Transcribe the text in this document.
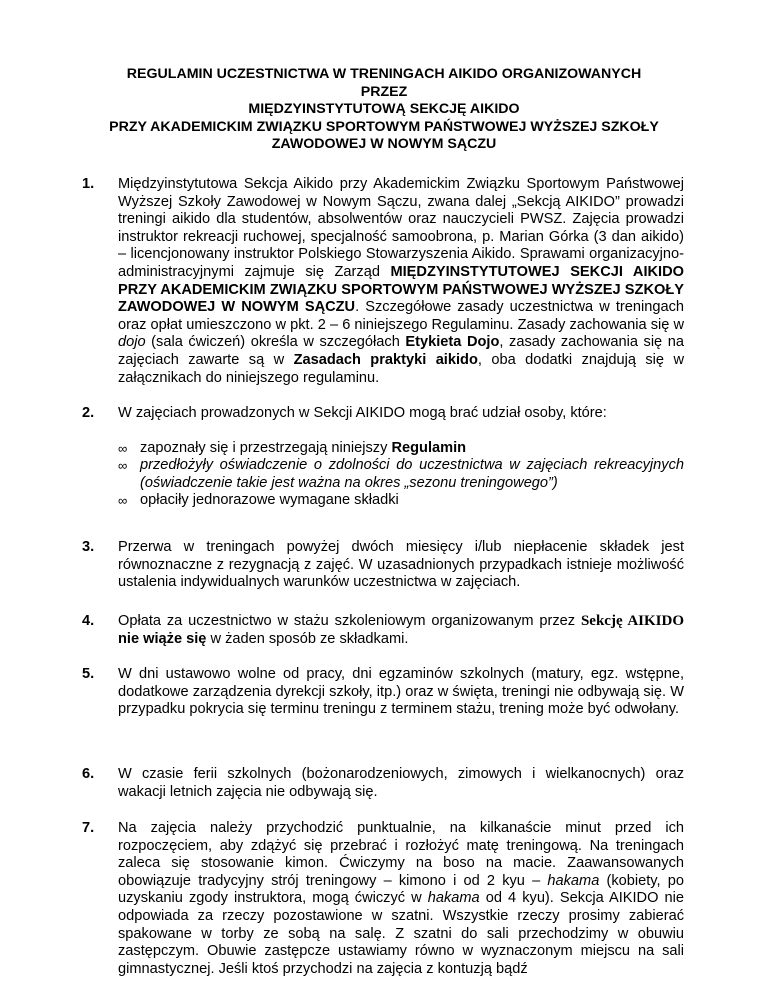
REGULAMIN UCZESTNICTWA W TRENINGACH AIKIDO ORGANIZOWANYCH
PRZEZ
MIĘDZYINSTYTUTOWĄ SEKCJĘ AIKIDO
PRZY AKADEMICKIM ZWIĄZKU SPORTOWYM PAŃSTWOWEJ WYŻSZEJ SZKOŁY
ZAWODOWEJ W NOWYM SĄCZU
1. Międzyinstytutowa Sekcja Aikido przy Akademickim Związku Sportowym Państwowej Wyższej Szkoły Zawodowej w Nowym Sączu, zwana dalej „Sekcją AIKIDO” prowadzi treningi aikido dla studentów, absolwentów oraz nauczycieli PWSZ. Zajęcia prowadzi instruktor rekreacji ruchowej, specjalność samoobrona, p. Marian Górka (3 dan aikido) – licencjonowany instruktor Polskiego Stowarzyszenia Aikido. Sprawami organizacyjno-administracyjnymi zajmuje się Zarząd MIĘDZYINSTYTUTOWEJ SEKCJI AIKIDO PRZY AKADEMICKIM ZWIĄZKU SPORTOWYM PAŃSTWOWEJ WYŻSZEJ SZKOŁY ZAWODOWEJ W NOWYM SĄCZU. Szczegółowe zasady uczestnictwa w treningach oraz opłat umieszczono w pkt. 2 – 6 niniejszego Regulaminu. Zasady zachowania się w dojo (sala ćwiczeń) określa w szczegółach Etykieta Dojo, zasady zachowania się na zajęciach zawarte są w Zasadach praktyki aikido, oba dodatki znajdują się w załącznikach do niniejszego regulaminu.
2. W zajęciach prowadzonych w Sekcji AIKIDO mogą brać udział osoby, które:
∞ zapoznały się i przestrzegają niniejszy Regulamin
∞ przedłożyły oświadczenie o zdolności do uczestnictwa w zajęciach rekreacyjnych (oświadczenie takie jest ważna na okres „sezonu treningowego”)
∞ opłaciły jednorazowe wymagane składki
3. Przerwa w treningach powyżej dwóch miesięcy i/lub niepłacenie składek jest równoznaczne z rezygnacją z zajęć. W uzasadnionych przypadkach istnieje możliwość ustalenia indywidualnych warunków uczestnictwa w zajęciach.
4. Opłata za uczestnictwo w stażu szkoleniowym organizowanym przez Sekcję AIKIDO nie wiąże się w żaden sposób ze składkami.
5. W dni ustawowo wolne od pracy, dni egzaminów szkolnych (matury, egz. wstępne, dodatkowe zarządzenia dyrekcji szkoły, itp.) oraz w święta, treningi nie odbywają się. W przypadku pokrycia się terminu treningu z terminem stażu, trening może być odwołany.
6. W czasie ferii szkolnych (bożonarodzeniowych, zimowych i wielkanocnych) oraz wakacji letnich zajęcia nie odbywają się.
7. Na zajęcia należy przychodzić punktualnie, na kilkanaście minut przed ich rozpoczęciem, aby zdążyć się przebrać i rozłożyć matę treningową. Na treningach zaleca się stosowanie kimon. Ćwiczymy na boso na macie. Zaawansowanych obowiązuje tradycyjny strój treningowy – kimono i od 2 kyu – hakama (kobiety, po uzyskaniu zgody instruktora, mogą ćwiczyć w hakama od 4 kyu). Sekcja AIKIDO nie odpowiada za rzeczy pozostawione w szatni. Wszystkie rzeczy prosimy zabierać spakowane w torby ze sobą na salę. Z szatni do sali przechodzimy w obuwiu zastępczym. Obuwie zastępcze ustawiamy równo w wyznaczonym miejscu na sali gimnastycznej. Jeśli ktoś przychodzi na zajęcia z kontuzją bądź
